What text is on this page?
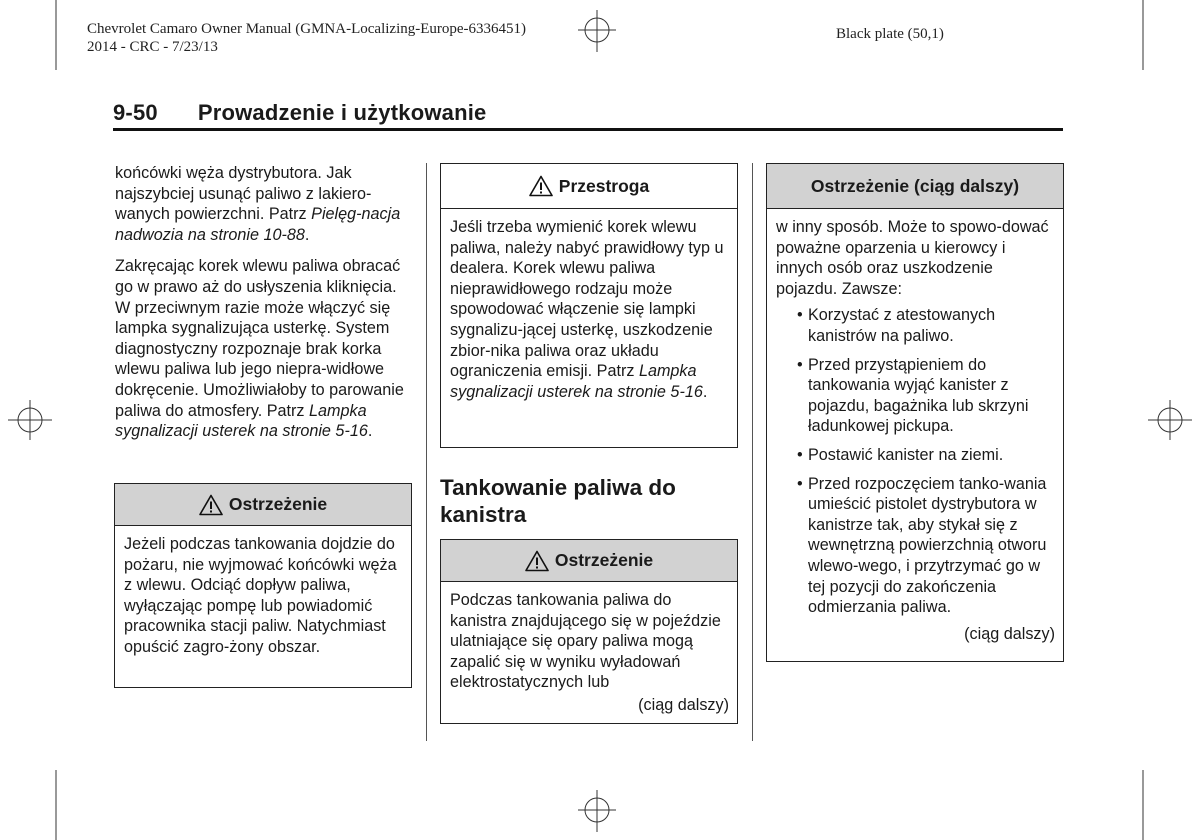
Chevrolet Camaro Owner Manual (GMNA-Localizing-Europe-6336451)
2014 - CRC - 7/23/13
Black plate (50,1)
9-50 Prowadzenie i użytkowanie

końcówki węża dystrybutora. Jak najszybciej usunąć paliwo z lakiero-wanych powierzchni. Patrz Pielęg-nacja nadwozia na stronie 10-88.

Zakręcając korek wlewu paliwa obracać go w prawo aż do usłyszenia kliknięcia. W przeciwnym razie może włączyć się lampka sygnalizująca usterkę. System diagnostyczny rozpoznaje brak korka wlewu paliwa lub jego niepra-widłowe dokręcenie. Umożliwiałoby to parowanie paliwa do atmosfery. Patrz Lampka sygnalizacji usterek na stronie 5-16.

Ostrzeżenie
Jeżeli podczas tankowania dojdzie do pożaru, nie wyjmować końcówki węża z wlewu. Odciąć dopływ paliwa, wyłączając pompę lub powiadomić pracownika stacji paliw. Natychmiast opuścić zagro-żony obszar.
Przestroga
Jeśli trzeba wymienić korek wlewu paliwa, należy nabyć prawidłowy typ u dealera. Korek wlewu paliwa nieprawidłowego rodzaju może spowodować włączenie się lampki sygnalizu-jącej usterkę, uszkodzenie zbior-nika paliwa oraz układu ograniczenia emisji. Patrz Lampka sygnalizacji usterek na stronie 5-16.
Tankowanie paliwa do kanistra
Ostrzeżenie
Podczas tankowania paliwa do kanistra znajdującego się w pojeździe ulatniające się opary paliwa mogą zapalić się w wyniku wyładowań elektrostatycznych lub
(ciąg dalszy)
Ostrzeżenie (ciąg dalszy)
w inny sposób. Może to spowo-dować poważne oparzenia u kierowcy i innych osób oraz uszkodzenie pojazdu. Zawsze:
• Korzystać z atestowanych kanistrów na paliwo.
• Przed przystąpieniem do tankowania wyjąć kanister z pojazdu, bagażnika lub skrzyni ładunkowej pickupa.
• Postawić kanister na ziemi.
• Przed rozpoczęciem tanko-wania umieścić pistolet dystrybutora w kanistrze tak, aby stykał się z wewnętrzną powierzchnią otworu wlewo-wego, i przytrzymać go w tej pozycji do zakończenia odmierzania paliwa.
(ciąg dalszy)
